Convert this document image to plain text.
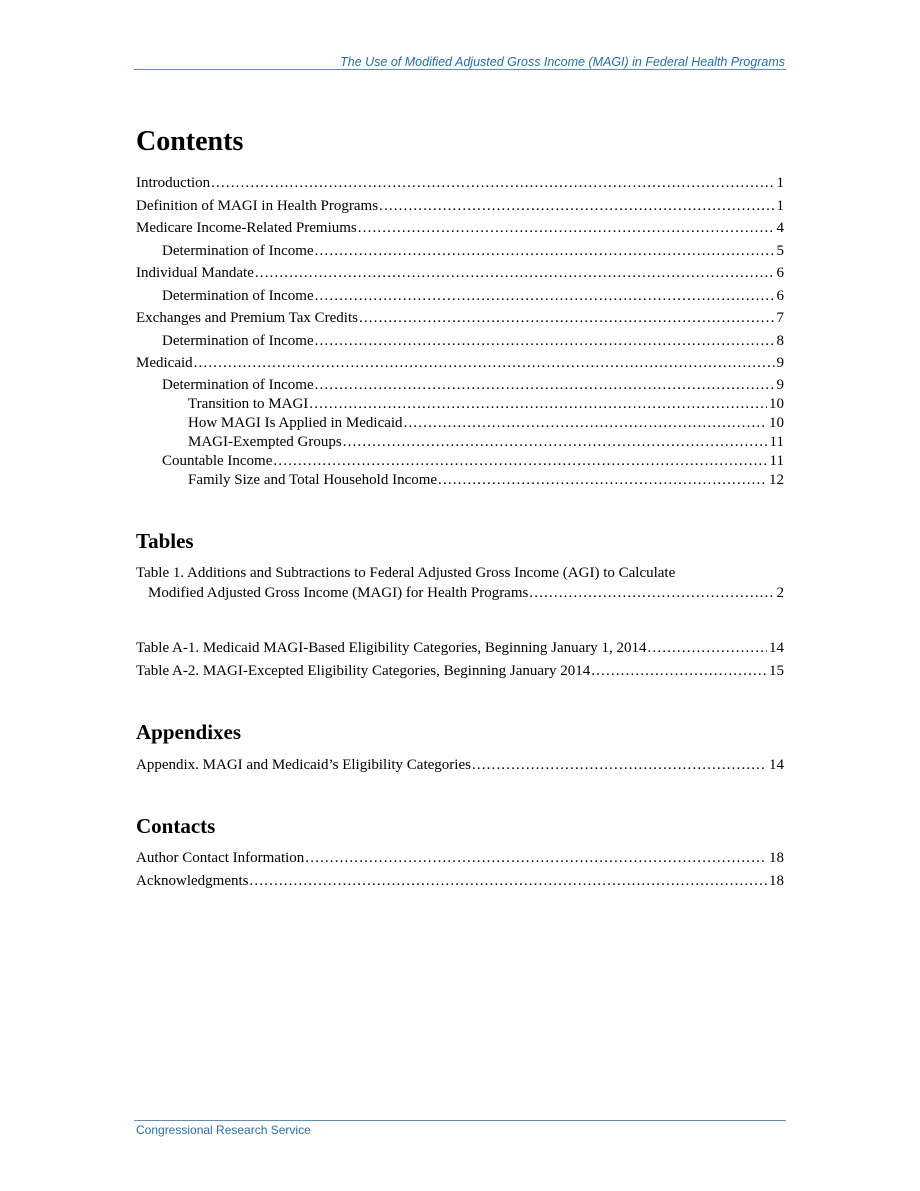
The Use of Modified Adjusted Gross Income (MAGI) in Federal Health Programs
Contents
Introduction . . .	1
Definition of MAGI in Health Programs . . .	1
Medicare Income-Related Premiums . . .	4
Determination of Income . . .	5
Individual Mandate . . .	6
Determination of Income . . .	6
Exchanges and Premium Tax Credits . . .	7
Determination of Income . . .	8
Medicaid . . .	9
Determination of Income . . .	9
Transition to MAGI . . .	10
How MAGI Is Applied in Medicaid . . .	10
MAGI-Exempted Groups . . .	11
Countable Income . . .	11
Family Size and Total Household Income . . .	12
Tables
Table 1. Additions and Subtractions to Federal Adjusted Gross Income (AGI) to Calculate
Modified Adjusted Gross Income (MAGI) for Health Programs . . .	2
Table A-1. Medicaid MAGI-Based Eligibility Categories, Beginning January 1, 2014 . . .	14
Table A-2. MAGI-Excepted Eligibility Categories, Beginning January 2014 . . .	15
Appendixes
Appendix. MAGI and Medicaid’s Eligibility Categories . . .	14
Contacts
Author Contact Information . . .	18
Acknowledgments . . .	18
Congressional Research Service
